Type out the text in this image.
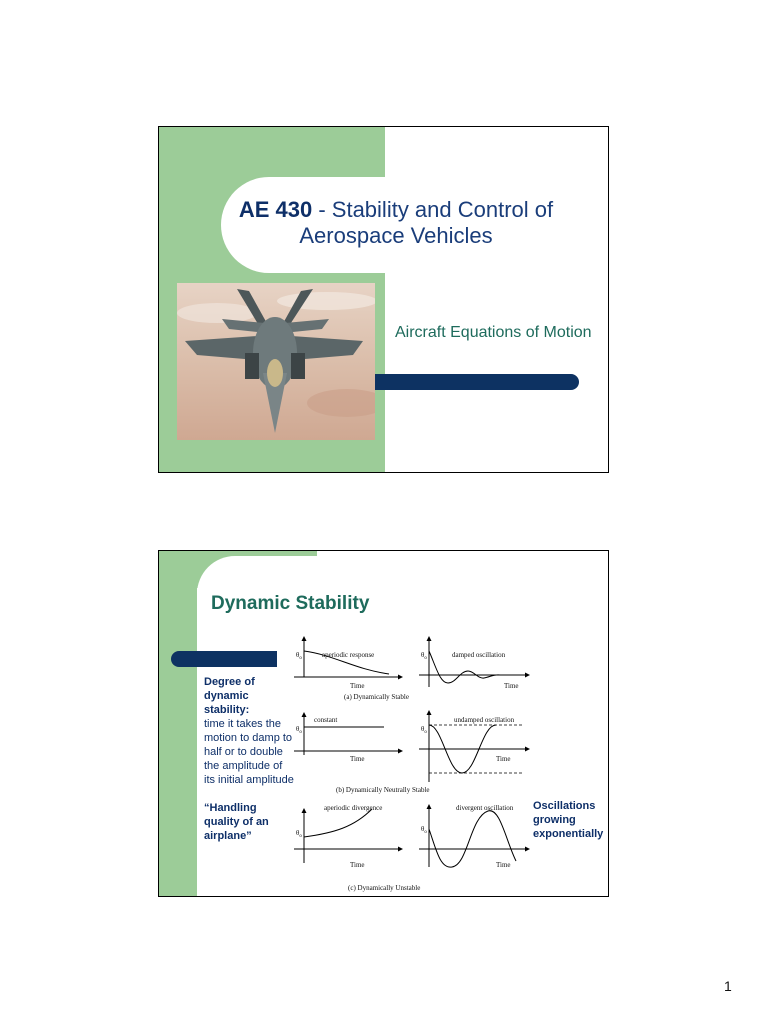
AE 430 - Stability and Control of Aerospace Vehicles
Aircraft Equations of Motion
Dynamic Stability
Degree of dynamic stability:
time it takes the motion to damp to half or to double the amplitude of its initial amplitude
“Handling quality of an airplane”
$\theta_o$	aperiodic response
Time
$\theta_o$	damped oscillation
Time
(a) Dynamically Stable
$\theta_o$
constant
Time
$\theta_o$
undamped oscillation
Time
(b) Dynamically Neutrally Stable
$\theta_o$
aperiodic divergence
Time
$\theta_o$
divergent oscillation
Time
(c) Dynamically Unstable
Oscillations growing exponentially
1
